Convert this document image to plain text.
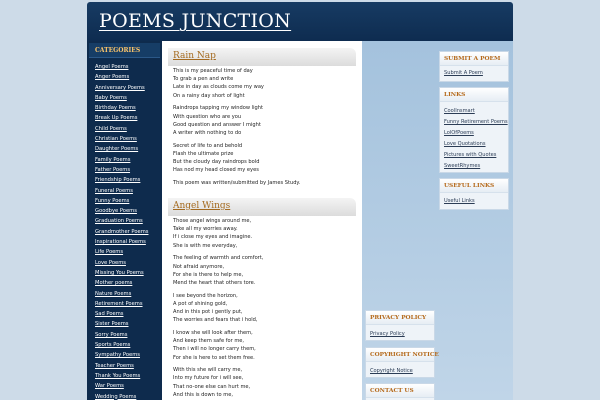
POEMS JUNCTION
CATEGORIES
Angel Poems
Anger Poems
Anniversary Poems
Baby Poems
Birthday Poems
Break Up Poems
Child Poems
Christian Poems
Daughter Poems
Family Poems
Father Poems
Friendship Poems
Funeral Poems
Funny Poems
Goodbye Poems
Graduation Poems
Grandmother Poems
Inspirational Poems
Life Poems
Love Poems
Missing You Poems
Mother poems
Nature Poems
Retirement Poems
Sad Poems
Sister Poems
Sorry Poems
Sports Poems
Sympathy Poems
Teacher Poems
Thank You Poems
War Poems
Wedding Poems
Rain Nap
This is my peaceful time of day
To grab a pen and write
Late in day as clouds come my way
On a rainy day short of light
Raindrops tapping my window light
With question who are you
Good question and answer I might
A writer with nothing to do
Secret of life to and behold
Flash the ultimate prize
But the cloudy day raindrops bold
Has nod my head closed my eyes
This poem was written/submitted by James Study.
Angel Wings
Those angel wings around me,
Take all my worries away.
If i close my eyes and imagine.
She is with me everyday,
The feeling of warmth and comfort,
Not afraid anymore,
For she is there to help me,
Mend the heart that others tore.
I see beyond the horizon,
A pot of shining gold,
And in this pot i gently put,
The worries and fears that i hold,
I know she will look after them,
And keep them safe for me,
Then i will no longer carry them,
For she is here to set them free.
With this she will carry me,
Into my future for i will see,
That no-one else can hurt me,
And this is down to me,
SUBMIT A POEM
Submit A Poem
LINKS
CoolInsmart
Funny Retirement Poems
LolOfPoems
Love Quotations
Pictures with Quotes
SweetRhymes
USEFUL LINKS
Useful Links
PRIVACY POLICY
Privacy Policy
COPYRIGHT NOTICE
Copyright Notice
CONTACT US
